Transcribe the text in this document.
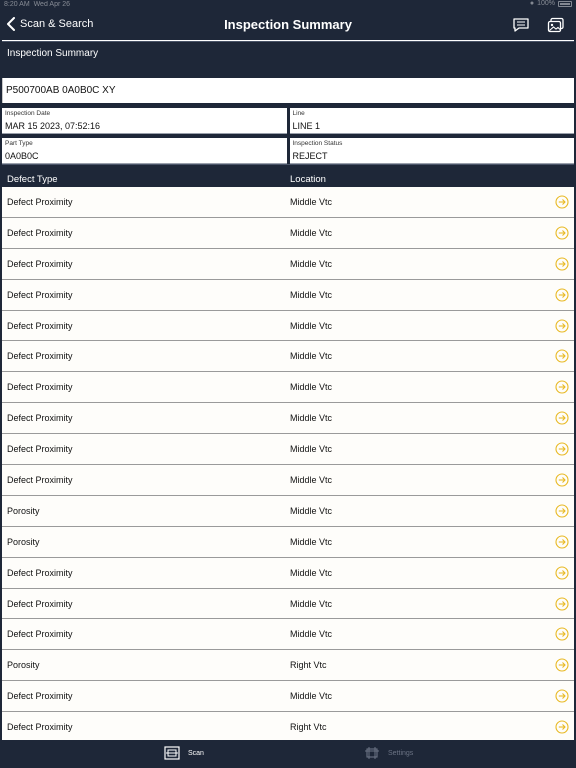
8:20 AM Wed Apr 26	● 100%
Scan & Search	Inspection Summary
Inspection Summary
P500700AB 0A0B0C XY
Inspection Date
MAR 15 2023, 07:52:16
Line
LINE 1
Part Type
0A0B0C
Inspection Status
REJECT
Defect Type	Location
Defect Proximity	Middle Vtc
Defect Proximity	Middle Vtc
Defect Proximity	Middle Vtc
Defect Proximity	Middle Vtc
Defect Proximity	Middle Vtc
Defect Proximity	Middle Vtc
Defect Proximity	Middle Vtc
Defect Proximity	Middle Vtc
Defect Proximity	Middle Vtc
Defect Proximity	Middle Vtc
Porosity	Middle Vtc
Porosity	Middle Vtc
Defect Proximity	Middle Vtc
Defect Proximity	Middle Vtc
Defect Proximity	Middle Vtc
Porosity	Right Vtc
Defect Proximity	Middle Vtc
Defect Proximity	Right Vtc
Scan	Settings
